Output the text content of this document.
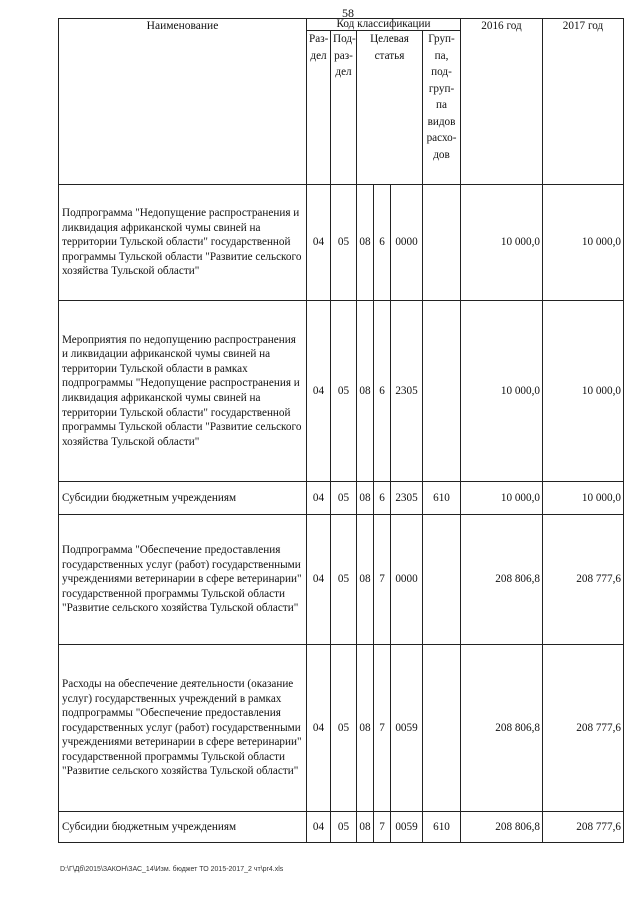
58
Наименование	Код классификации						2016 год	2017 год
	Раз- дел	Под- раз- дел	Целевая статья			Груп- па, под- груп- па видов расхо- дов		
Подпрограмма "Недопущение распространения и ликвидация африканской чумы свиней на территории Тульской области" государственной программы Тульской области "Развитие сельского хозяйства Тульской области"	04	05	08	6	0000		10 000,0	10 000,0
Мероприятия по недопущению распространения и ликвидации африканской чумы свиней на территории Тульской области в рамках подпрограммы "Недопущение распространения и ликвидация африканской чумы свиней на территории Тульской области" государственной программы Тульской области "Развитие сельского хозяйства Тульской области"	04	05	08	6	2305		10 000,0	10 000,0
Субсидии бюджетным учреждениям	04	05	08	6	2305	610	10 000,0	10 000,0
Подпрограмма "Обеспечение предоставления государственных услуг (работ) государственными учреждениями ветеринарии в сфере ветеринарии" государственной программы Тульской области "Развитие сельского хозяйства Тульской области"	04	05	08	7	0000		208 806,8	208 777,6
Расходы на обеспечение деятельности (оказание услуг) государственных учреждений в рамках подпрограммы "Обеспечение предоставления государственных услуг (работ) государственными учреждениями ветеринарии в сфере ветеринарии" государственной программы Тульской области "Развитие сельского хозяйства Тульской области"	04	05	08	7	0059		208 806,8	208 777,6
Субсидии бюджетным учреждениям	04	05	08	7	0059	610	208 806,8	208 777,6
D:\Г\Дб\2015\ЗАКОН\ЗАС_14\Изм. бюджет ТО 2015-2017_2 чт\pr4.xls
